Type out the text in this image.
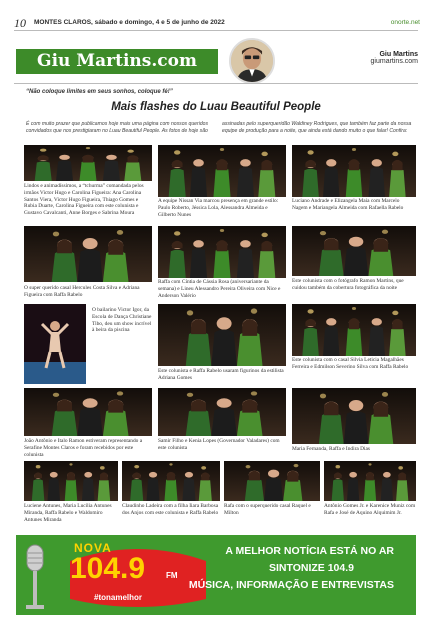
10 MONTES CLAROS, sábado e domingo, 4 e 5 de junho de 2022	onorte.net
Giu Martins.com	Giu Martins
giumartins.com
“Não coloque limites em seus sonhos, coloque fé!”
Mais flashes do Luau Beautiful People
É com muito prazer que publicamos hoje mais uma página com nossos queridos convidados que nos prestigiaram no Luau Beautiful People. As fotos de hoje são
assinadas pelo superqueridão Waldiney Rodrigues, que também faz parte da nossa equipe de produção para a noite, que ainda está dando muito o que falar! Confira:
Lindos e animadíssimos, a “tchurma” comandada pelos irmãos Victor Hugo e Carolina Figueira: Ana Carolina Santos Viera, Victor Hugo Figueira, Thiago Gomes e Rubia Duarte, Carolina Figueira com este colunista e Gustavo Cavalcanti, Anne Borges e Sabrina Moura
A equipe Nissan Via marcou presença em grande estilo: Paulo Roberto, Jéssica Lola, Alessandra Almeida e Gilberto Nunes
Luciano Andrade e Elizangela Maia com Marcelo Nagem e Mariangela Almeida com Rafaella Rabelo
O super querido casal Hercules Costa Silva e Adriana Figueira com Raffa Rabelo
Raffa com Cíntia de Cássia Rosa (aniversariante da semana) e Lineu Alessandro Pereira Oliveira com Nice e Anderson Valério
Este colunista com o fotógrafo Ramon Martins, que cuidou também da cobertura fotográfica da noite
O bailarino Victor Igor, da Escola de Dança Christiane Tibo, deu um show incrível à beira da piscina
Este colunista e Raffa Rabelo usaram figurinos da estilista Adriana Gomes
Este colunista com o casal Silvia Leticia Magalhães Ferreira e Edmilson Severino Silva com Raffa Rabelo
João Antônio e Italo Ramon estiveram representando a Serafine Montes Claros e foram recebidos por este colunista
Samir Filho e Kenia Lopes (Governador Valadares) com este colunista	Maria Fernanda, Raffa e Indira Dias
Luciene Antunes, Maria Lucilia Antunes Miranda, Raffa Rabelo e Waldomiro Antunes Miranda
Claudinho Ladeira com a filha Iiara Barbosa dos Anjos com este colunista e Raffa Rabelo
Rafa com o superquerido casal Raquel e Milton
Antônio Gomes Jr. e Karenice Muniz com Rafa e José de Aquino Alquimim Jr.
NOVA
104.9	FM
#tonamelhor
A MELHOR NOTÍCIA ESTÁ NO AR
SINTONIZE 104.9
MÚSICA, INFORMAÇÃO E ENTREVISTAS
